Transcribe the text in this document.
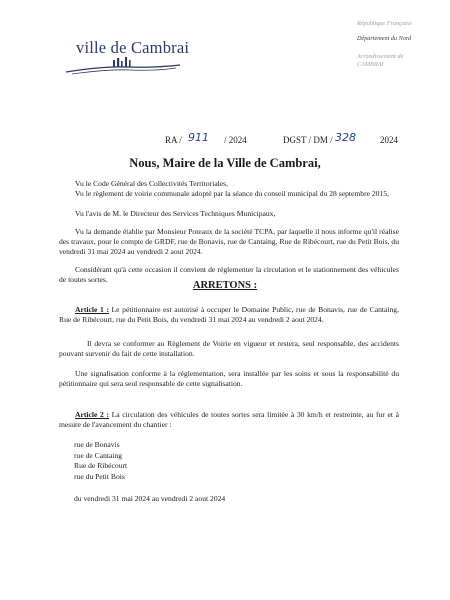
ville de Cambrai
République Française
Département du Nord
Arrondissement de
CAMBRAI
RA / 911 / 2024	DGST / DM / 328	2024
Nous, Maire de la Ville de Cambrai,
Vu le Code Général des Collectivités Territoriales,
Vu le règlement de voirie communale adopté par la séance du conseil municipal du 28 septembre 2015,
Vu l'avis de M. le Directeur des Services Techniques Municipaux,
Vu la demande établie par Monsieur Poteaux de la société TCPA, par laquelle il nous informe qu'il réalise des travaux, pour le compte de GRDF, rue de Bonavis, rue de Cantaing, Rue de Ribécourt, rue du Petit Bois, du vendredi 31 mai 2024 au vendredi 2 aout 2024.
Considérant qu'à cette occasion il convient de réglementer la circulation et le stationnement des véhicules de toutes sortes.
ARRETONS :
Article 1 : Le pétitionnaire est autorisé à occuper le Domaine Public, rue de Bonavis, rue de Cantaing, Rue de Ribécourt, rue du Petit Bois, du vendredi 31 mai 2024 au vendredi 2 aout 2024.
Il devra se conformer au Règlement de Voirie en vigueur et restera, seul responsable, des accidents pouvant survenir du fait de cette installation.
Une signalisation conforme à la réglementation, sera installée par les soins et sous la responsabilité du pétitionnaire qui sera seul responsable de cette signalisation.
Article 2 : La circulation des véhicules de toutes sortes sera limitée à 30 km/h et restreinte, au fur et à mesure de l'avancement du chantier :
rue de Bonavis
rue de Cantaing
Rue de Ribécourt
rue du Petit Bois
du vendredi 31 mai 2024 au vendredi 2 aout 2024
